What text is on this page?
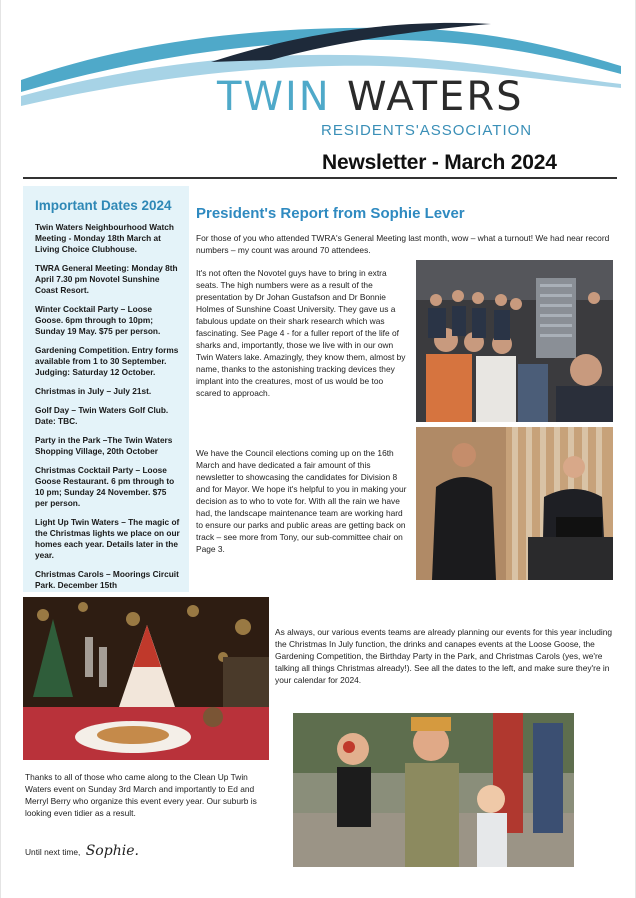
TWIN WATERS
RESIDENTS'ASSOCIATION
Newsletter - March 2024
Important Dates 2024
Twin Waters Neighbourhood Watch Meeting - Monday 18th March at Living Choice Clubhouse.
TWRA General Meeting: Monday 8th April 7.30 pm Novotel Sunshine Coast Resort.
Winter Cocktail Party – Loose Goose. 6pm through to 10pm; Sunday 19 May. $75 per person.
Gardening Competition. Entry forms available from 1 to 30 September. Judging: Saturday 12 October.
Christmas in July – July 21st.
Golf Day – Twin Waters Golf Club. Date: TBC.
Party in the Park –The Twin Waters Shopping Village, 20th October
Christmas Cocktail Party – Loose Goose Restaurant. 6 pm through to 10 pm; Sunday 24 November. $75 per person.
Light Up Twin Waters – The magic of the Christmas lights we place on our homes each year. Details later in the year.
Christmas Carols – Moorings Circuit Park. December 15th
President's Report from Sophie Lever
For those of you who attended TWRA's General Meeting last month, wow – what a turnout! We had near record numbers – my count was around 70 attendees.
It's not often the Novotel guys have to bring in extra seats. The high numbers were as a result of the presentation by Dr Johan Gustafson and Dr Bonnie Holmes of Sunshine Coast University. They gave us a fabulous update on their shark research which was fascinating. See Page 4 - for a fuller report of the life of sharks and, importantly, those we live with in our own Twin Waters lake. Amazingly, they know them, almost by name, thanks to the astonishing tracking devices they implant into the creatures, most of us would be too scared to approach.
We have the Council elections coming up on the 16th March and have dedicated a fair amount of this newsletter to showcasing the candidates for Division 8 and for Mayor. We hope it's helpful to you in making your decision as to who to vote for. With all the rain we have had, the landscape maintenance team are working hard to ensure our parks and public areas are getting back on track – see more from Tony, our sub-committee chair on Page 3.
As always, our various events teams are already planning our events for this year including the Christmas In July function, the drinks and canapes events at the Loose Goose, the Gardening Competition, the Birthday Party in the Park, and Christmas Carols (yes, we're talking all things Christmas already!). See all the dates to the left, and make sure they're in your calendar for 2024.
Thanks to all of those who came along to the Clean Up Twin Waters event on Sunday 3rd March and importantly to Ed and Merryl Berry who organize this event every year. Our suburb is looking even tidier as a result.
Until next time, Sophie.
